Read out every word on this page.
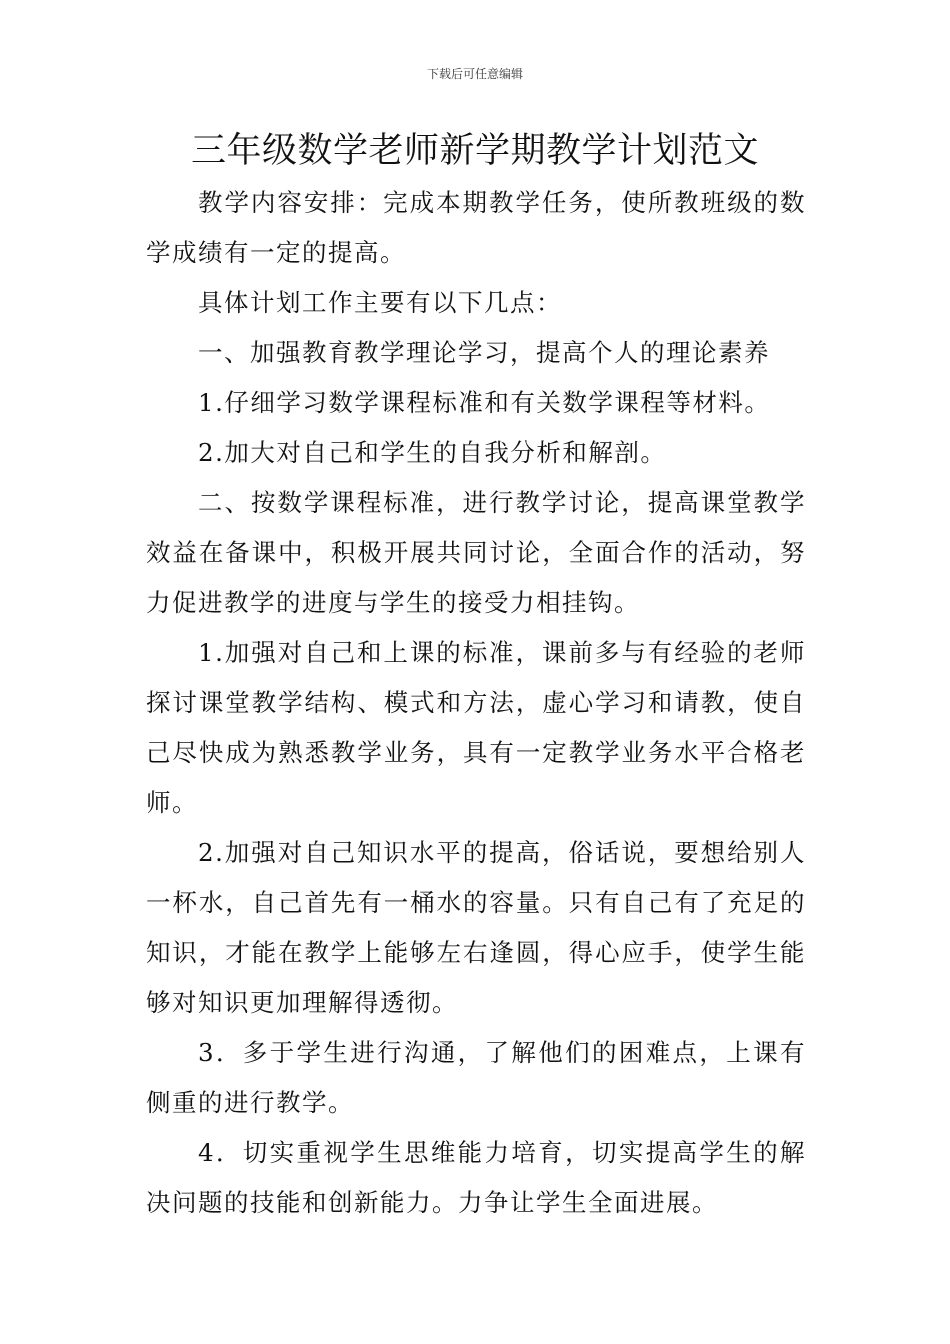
下载后可任意编辑
三年级数学老师新学期教学计划范文

教学内容安排：完成本期教学任务，使所教班级的数学成绩有一定的提高。

具体计划工作主要有以下几点：

一、加强教育教学理论学习，提高个人的理论素养

1.仔细学习数学课程标准和有关数学课程等材料。

2.加大对自己和学生的自我分析和解剖。

二、按数学课程标准，进行教学讨论，提高课堂教学效益在备课中，积极开展共同讨论，全面合作的活动，努力促进教学的进度与学生的接受力相挂钩。

1.加强对自己和上课的标准，课前多与有经验的老师探讨课堂教学结构、模式和方法，虚心学习和请教，使自己尽快成为熟悉教学业务，具有一定教学业务水平合格老师。

2.加强对自己知识水平的提高，俗话说，要想给别人一杯水，自己首先有一桶水的容量。只有自己有了充足的知识，才能在教学上能够左右逢圆，得心应手，使学生能够对知识更加理解得透彻。

3．多于学生进行沟通，了解他们的困难点，上课有侧重的进行教学。

4．切实重视学生思维能力培育，切实提高学生的解决问题的技能和创新能力。力争让学生全面进展。
